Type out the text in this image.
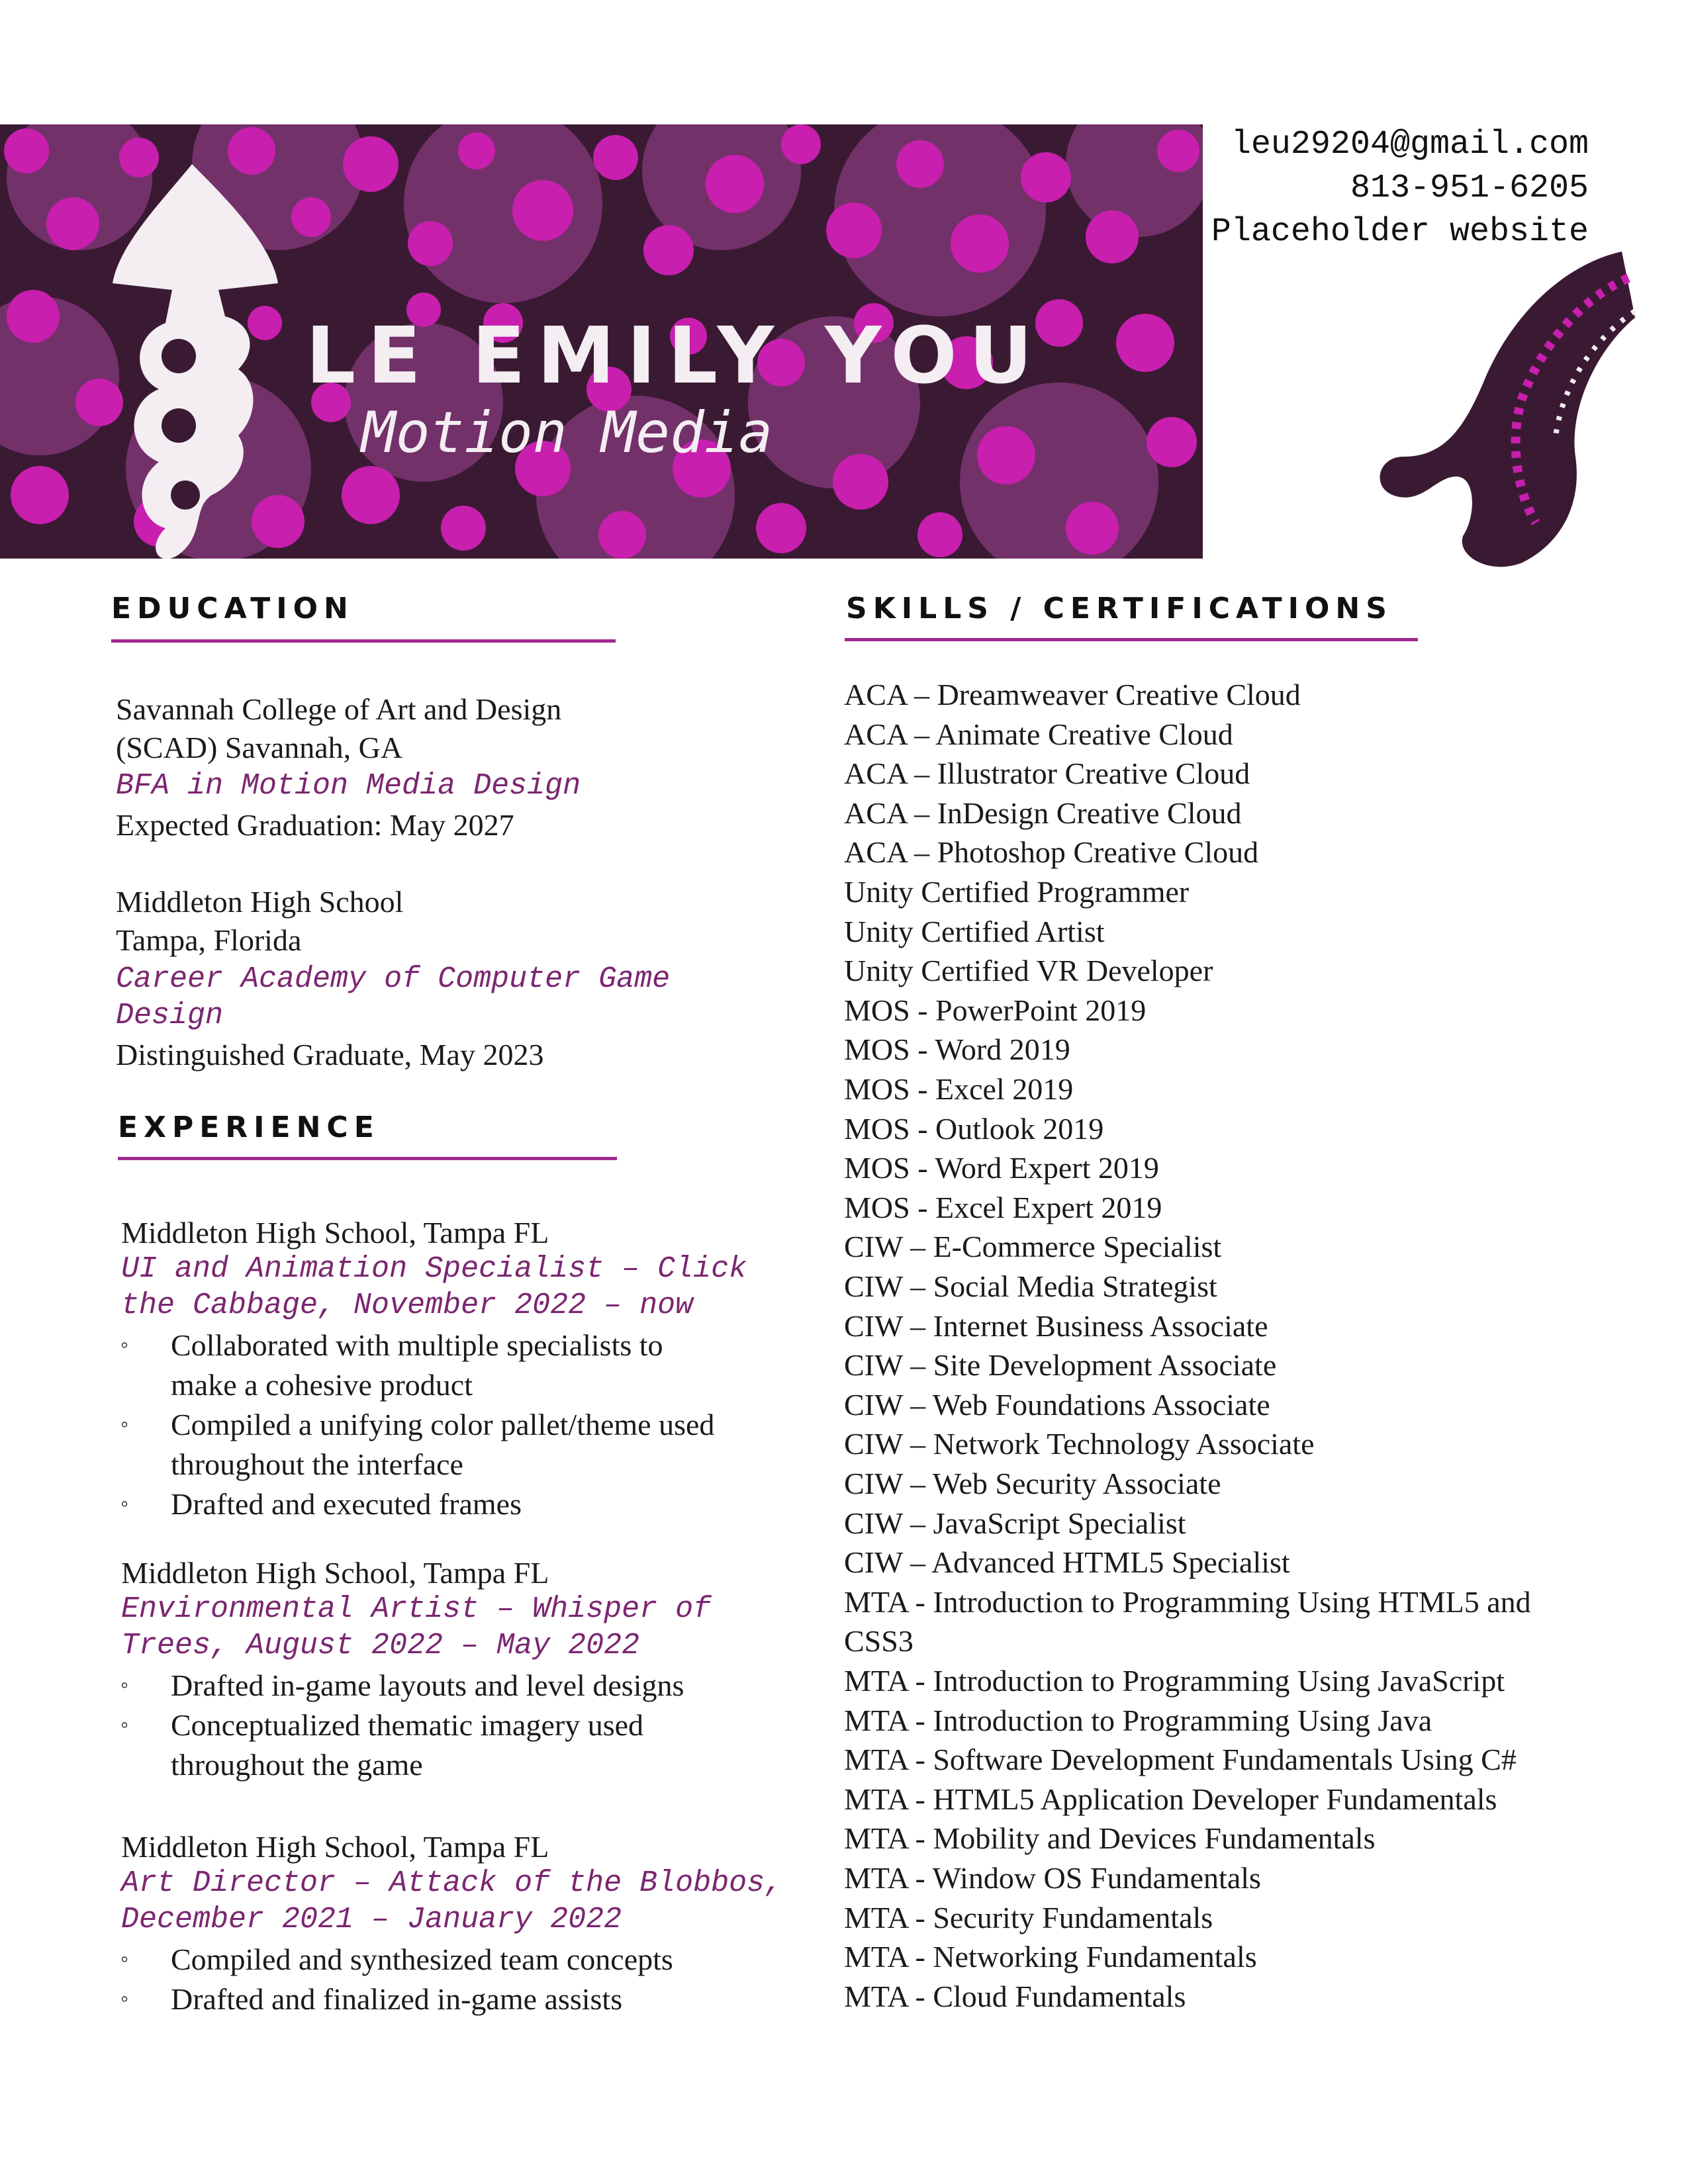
LE EMILY YOU
Motion Media
leu29204@gmail.com
813-951-6205
Placeholder website
EDUCATION
Savannah College of Art and Design
(SCAD) Savannah, GA
BFA in Motion Media Design
Expected Graduation: May 2027
Middleton High School
Tampa, Florida
Career Academy of Computer Game
Design
Distinguished Graduate, May 2023
EXPERIENCE
Middleton High School, Tampa FL
UI and Animation Specialist – Click
the Cabbage, November 2022 – now
◦ Collaborated with multiple specialists to
make a cohesive product
◦ Compiled a unifying color pallet/theme used
throughout the interface
◦ Drafted and executed frames
Middleton High School, Tampa FL
Environmental Artist – Whisper of
Trees, August 2022 – May 2022
◦ Drafted in-game layouts and level designs
◦ Conceptualized thematic imagery used
throughout the game
Middleton High School, Tampa FL
Art Director – Attack of the Blobbos,
December 2021 – January 2022
◦ Compiled and synthesized team concepts
◦ Drafted and finalized in-game assists
SKILLS / CERTIFICATIONS
ACA – Dreamweaver Creative Cloud
ACA – Animate Creative Cloud
ACA – Illustrator Creative Cloud
ACA – InDesign Creative Cloud
ACA – Photoshop Creative Cloud
Unity Certified Programmer
Unity Certified Artist
Unity Certified VR Developer
MOS - PowerPoint 2019
MOS - Word 2019
MOS - Excel 2019
MOS - Outlook 2019
MOS - Word Expert 2019
MOS - Excel Expert 2019
CIW – E-Commerce Specialist
CIW – Social Media Strategist
CIW – Internet Business Associate
CIW – Site Development Associate
CIW – Web Foundations Associate
CIW – Network Technology Associate
CIW – Web Security Associate
CIW – JavaScript Specialist
CIW – Advanced HTML5 Specialist
MTA - Introduction to Programming Using HTML5 and
CSS3
MTA - Introduction to Programming Using JavaScript
MTA - Introduction to Programming Using Java
MTA - Software Development Fundamentals Using C#
MTA - HTML5 Application Developer Fundamentals
MTA - Mobility and Devices Fundamentals
MTA - Window OS Fundamentals
MTA - Security Fundamentals
MTA - Networking Fundamentals
MTA - Cloud Fundamentals
